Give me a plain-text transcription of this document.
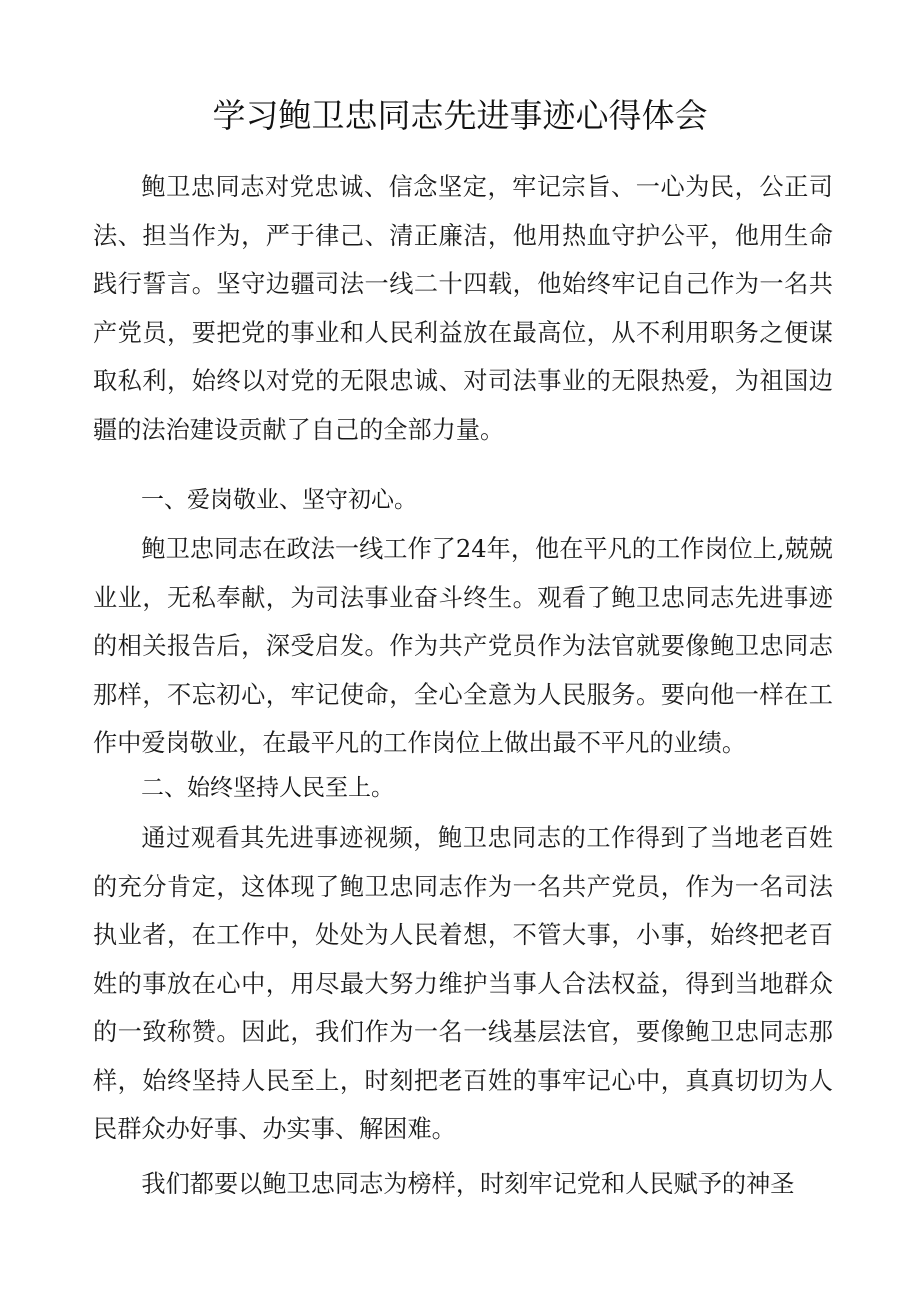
学习鲍卫忠同志先进事迹心得体会

鲍卫忠同志对党忠诚、信念坚定，牢记宗旨、一心为民，公正司法、担当作为，严于律己、清正廉洁，他用热血守护公平，他用生命践行誓言。坚守边疆司法一线二十四载，他始终牢记自己作为一名共产党员，要把党的事业和人民利益放在最高位，从不利用职务之便谋取私利，始终以对党的无限忠诚、对司法事业的无限热爱，为祖国边疆的法治建设贡献了自己的全部力量。

一、爱岗敬业、坚守初心。

鲍卫忠同志在政法一线工作了24年，他在平凡的工作岗位上,兢兢业业，无私奉献，为司法事业奋斗终生。观看了鲍卫忠同志先进事迹的相关报告后，深受启发。作为共产党员作为法官就要像鲍卫忠同志那样，不忘初心，牢记使命，全心全意为人民服务。要向他一样在工作中爱岗敬业，在最平凡的工作岗位上做出最不平凡的业绩。

二、始终坚持人民至上。

通过观看其先进事迹视频，鲍卫忠同志的工作得到了当地老百姓的充分肯定，这体现了鲍卫忠同志作为一名共产党员，作为一名司法执业者，在工作中，处处为人民着想，不管大事，小事，始终把老百姓的事放在心中，用尽最大努力维护当事人合法权益，得到当地群众的一致称赞。因此，我们作为一名一线基层法官，要像鲍卫忠同志那样，始终坚持人民至上，时刻把老百姓的事牢记心中，真真切切为人民群众办好事、办实事、解困难。

我们都要以鲍卫忠同志为榜样，时刻牢记党和人民赋予的神圣
